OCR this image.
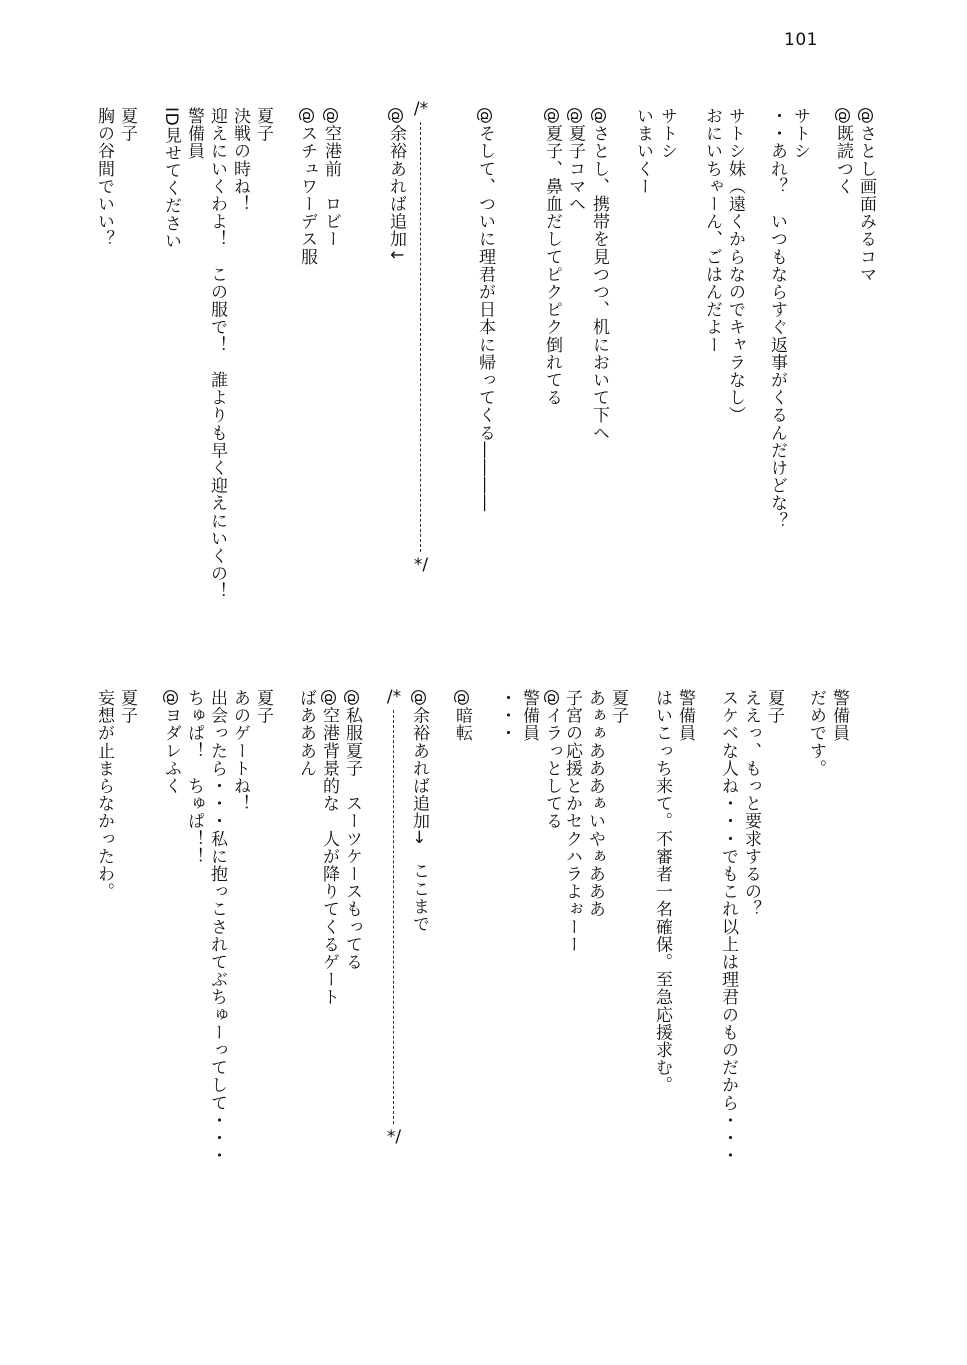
101
@さとし画面みるコマ
@既読つく
サトシ
・・あれ？　いつもならすぐ返事がくるんだけどな？
サトシ妹（遠くからなのでキャラなし）
おにいちゃーん、ごはんだよー
サトシ
いまいくー
@さとし、携帯を見つつ、机において下へ
@夏子コマへ
@夏子、鼻血だしてピクピク倒れてる
@そして、ついに理君が日本に帰ってくる――――
/*
*/
@余裕あれば追加↓
@空港前　ロビー
@スチュワーデス服
夏子
決戦の時ね！
迎えにいくわよ！　この服で！　誰よりも早く迎えにいくの！
警備員
ID見せてください
夏子
胸の谷間でいい？
警備員
だめです。
夏子
ええっ、もっと要求するの？
スケベな人ね・・・でもこれ以上は理君のものだから・・・
警備員
はいこっち来て。不審者一名確保。至急応援求む。
夏子
あぁぁあああぁいやぁあああ
子宮の応援とかセクハラよぉーー
@イラっとしてる
警備員
・・・
@暗転
@余裕あれば追加→　ここまで
/*
*/
@私服夏子　スーツケースもってる
@空港背景的な　人が降りてくるゲート
ばあああん
夏子
あのゲートね！
出会ったら・・・私に抱っこされてぶちゅーってして・・・
ちゅぱ！　ちゅぱ！！
@ヨダレふく
夏子
妄想が止まらなかったわ。
